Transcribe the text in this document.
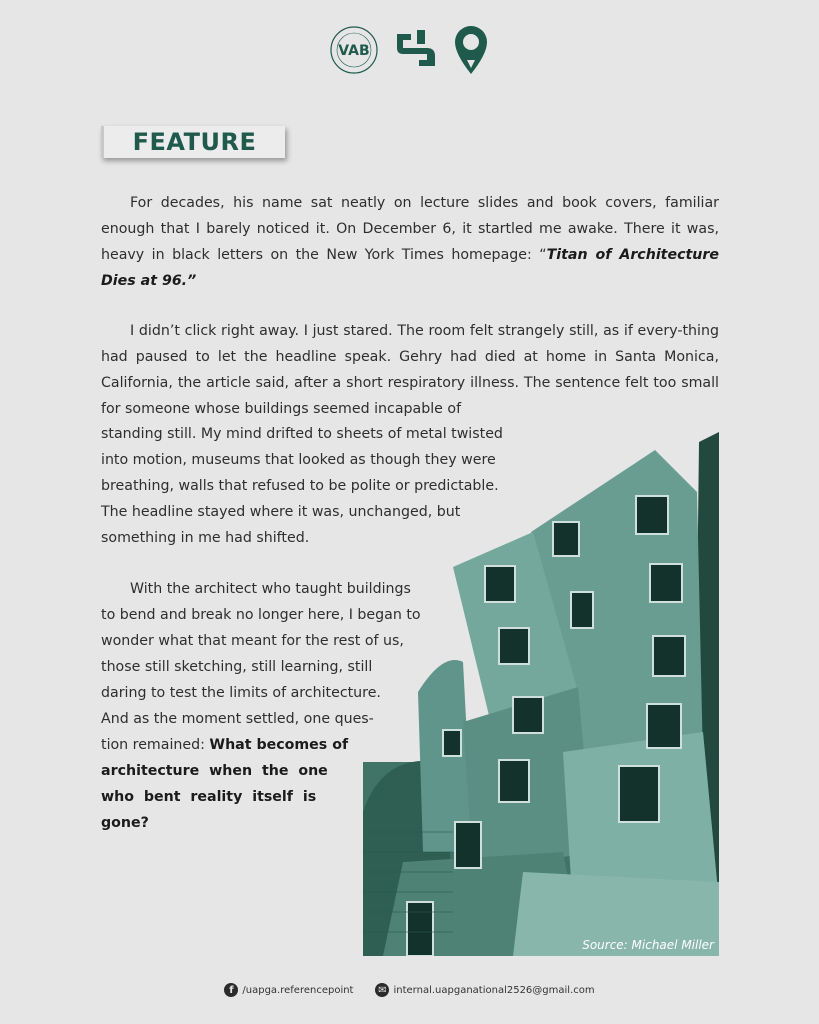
VAB
FEATURE

For decades, his name sat neatly on lecture slides and book covers, familiar enough that I barely noticed it. On December 6, it startled me awake. There it was, heavy in black letters on the New York Times homepage: “Titan of Architecture Dies at 96.”

I didn’t click right away. I just stared. The room felt strangely still, as if every-thing had paused to let the headline speak. Gehry had died at home in Santa Monica, California, the article said, after a short respiratory illness. The sentence felt too small for someone whose buildings seemed incapable of

standing still. My mind drifted to sheets of metal twisted
into motion, museums that looked as though they were
breathing, walls that refused to be polite or predictable.
The headline stayed where it was, unchanged, but
something in me had shifted.
With the architect who taught buildings
to bend and break no longer here, I began to
wonder what that meant for the rest of us,
those still sketching, still learning, still
daring to test the limits of architecture.
And as the moment settled, one ques-
tion remained: What becomes of
architecture  when  the  one
who  bent  reality  itself  is
gone?
Source: Michael Miller
f /uapga.referencepoint ✉ internal.uapganational2526@gmail.com
